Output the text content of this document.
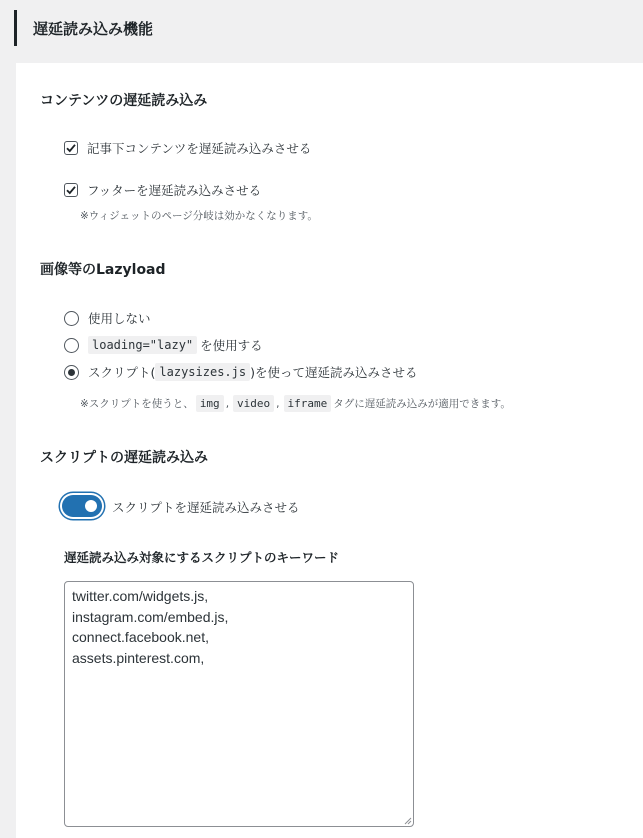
遅延読み込み機能
コンテンツの遅延読み込み
記事下コンテンツを遅延読み込みさせる
フッターを遅延読み込みさせる
※ウィジェットのページ分岐は効かなくなります。
画像等のLazyload
使用しない
loading="lazy" を使用する
スクリプト( lazysizes.js )を使って遅延読み込みさせる
※スクリプトを使うと、 img , video , iframe タグに遅延読み込みが適用できます。
スクリプトの遅延読み込み
スクリプトを遅延読み込みさせる
遅延読み込み対象にするスクリプトのキーワード
twitter.com/widgets.js,
instagram.com/embed.js,
connect.facebook.net,
assets.pinterest.com,
